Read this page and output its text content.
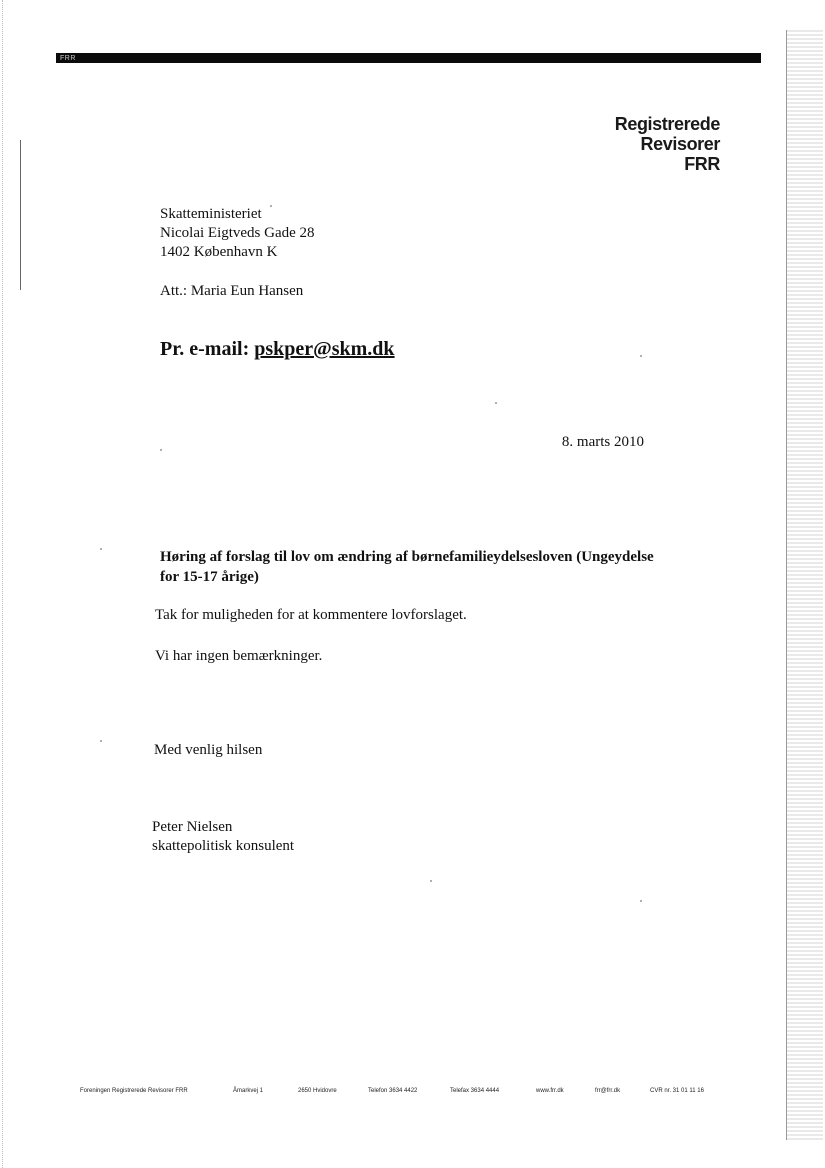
FRR
Registrerede
Revisorer
FRR
Skatteministeriet
Nicolai Eigtveds Gade 28
1402 København K
Att.: Maria Eun Hansen
Pr. e-mail: pskper@skm.dk
8. marts 2010
Høring af forslag til lov om ændring af børnefamilieydelsesloven (Ungeydelse for 15-17 årige)
Tak for muligheden for at kommentere lovforslaget.
Vi har ingen bemærkninger.
Med venlig hilsen
Peter Nielsen
skattepolitisk konsulent
Foreningen Registrerede Revisorer FRR	Åmarkvej 1	2650 Hvidovre	Telefon 3634 4422	Telefax 3634 4444	www.frr.dk	frr@frr.dk	CVR nr. 31 01 11 16
